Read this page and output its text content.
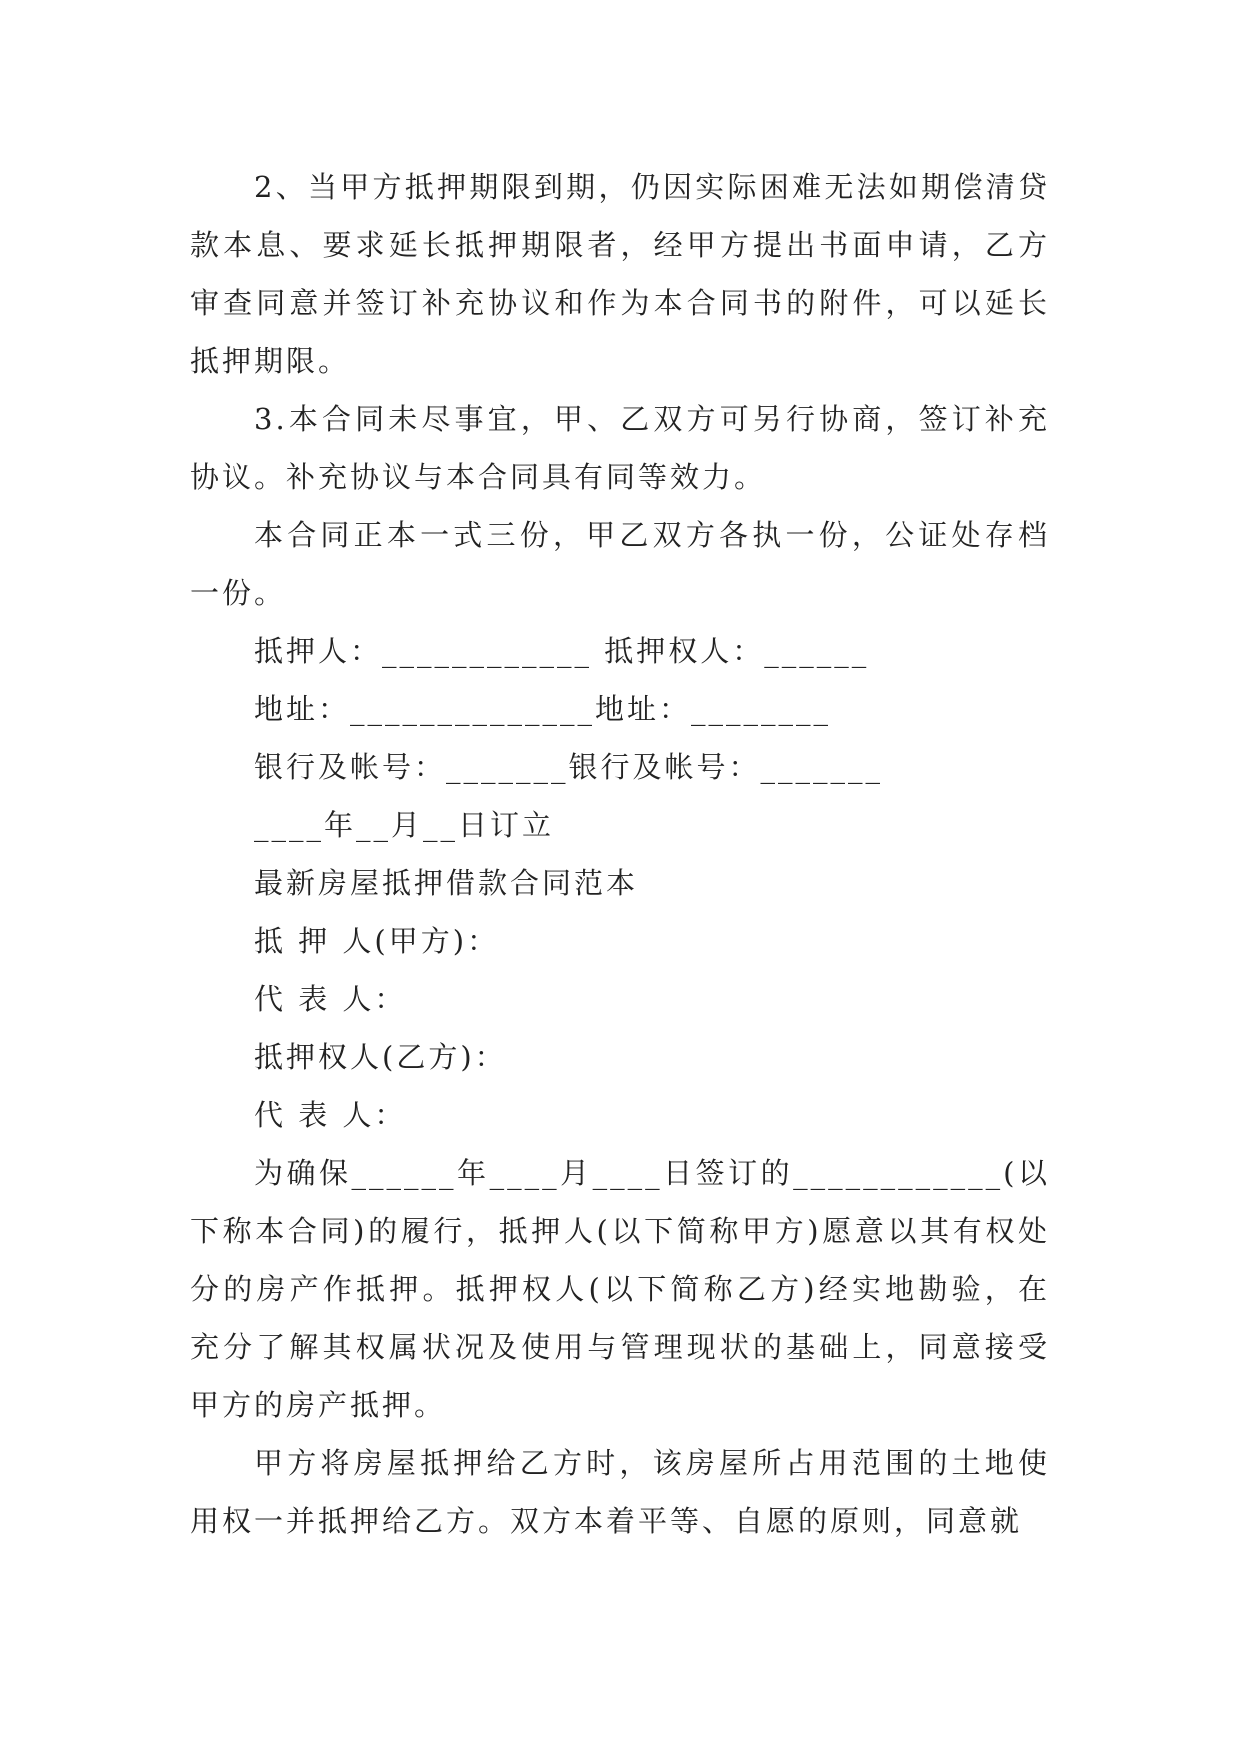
2、当甲方抵押期限到期，仍因实际困难无法如期偿清贷款本息、要求延长抵押期限者，经甲方提出书面申请，乙方审查同意并签订补充协议和作为本合同书的附件，可以延长抵押期限。

3.本合同未尽事宜，甲、乙双方可另行协商，签订补充协议。补充协议与本合同具有同等效力。

本合同正本一式三份，甲乙双方各执一份，公证处存档一份。

抵押人：____________ 抵押权人：______

地址：______________地址：________

银行及帐号：_______银行及帐号：_______

____年__月__日订立

最新房屋抵押借款合同范本

抵 押 人(甲方)：

代 表 人：

抵押权人(乙方)：

代 表 人：

为确保______年____月____日签订的____________(以下称本合同)的履行，抵押人(以下简称甲方)愿意以其有权处分的房产作抵押。抵押权人(以下简称乙方)经实地勘验，在充分了解其权属状况及使用与管理现状的基础上，同意接受甲方的房产抵押。

甲方将房屋抵押给乙方时，该房屋所占用范围的土地使用权一并抵押给乙方。双方本着平等、自愿的原则，同意就
